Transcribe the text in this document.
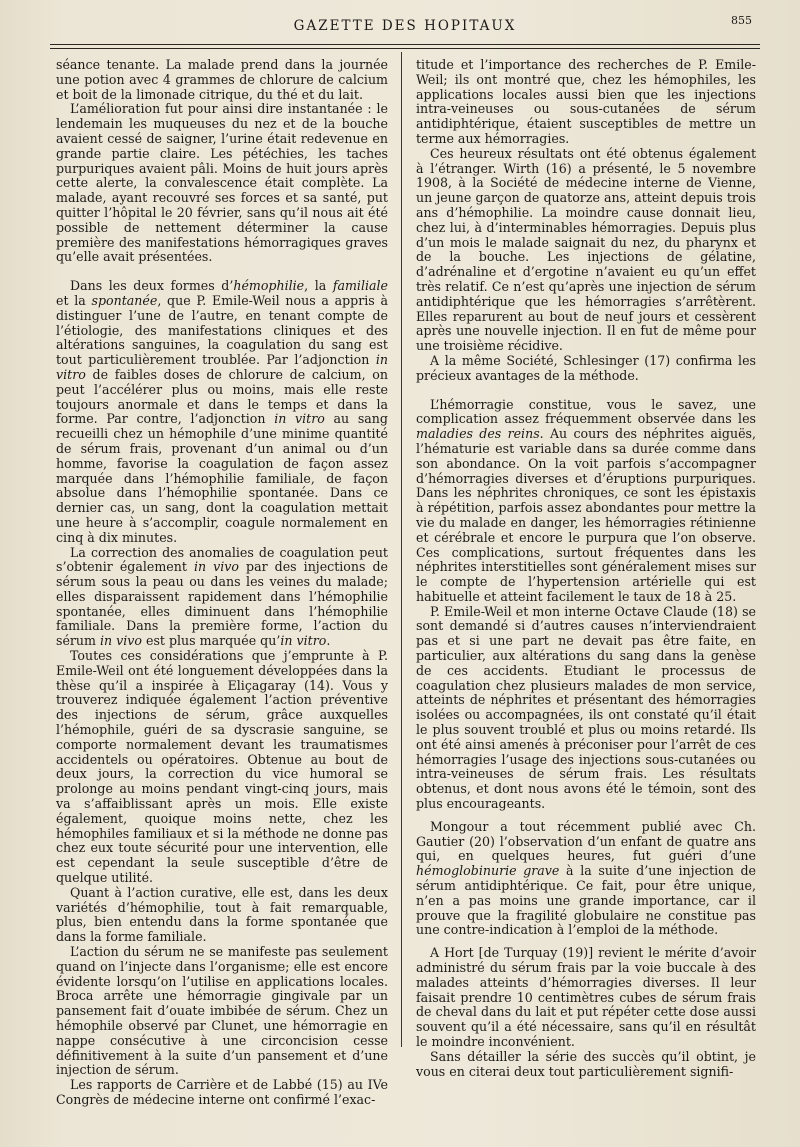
GAZETTE DES HOPITAUX	855

séance tenante. La malade prend dans la journée une potion avec 4 grammes de chlorure de calcium et boit de la limonade citrique, du thé et du lait.

L’amélioration fut pour ainsi dire instantanée : le lendemain les muqueuses du nez et de la bouche avaient cessé de saigner, l’urine était redevenue en grande partie claire. Les pétéchies, les taches purpuriques avaient pâli. Moins de huit jours après cette alerte, la convalescence était complète. La malade, ayant recouvré ses forces et sa santé, put quitter l’hôpital le 20 février, sans qu’il nous ait été possible de nettement déterminer la cause première des manifestations hémorragiques graves qu’elle avait présentées.

Dans les deux formes d’hémophilie, la familiale et la spontanée, que P. Emile-Weil nous a appris à distinguer l’une de l’autre, en tenant compte de l’étiologie, des manifestations cliniques et des altérations sanguines, la coagulation du sang est tout particulièrement troublée. Par l’adjonction in vitro de faibles doses de chlorure de calcium, on peut l’accélérer plus ou moins, mais elle reste toujours anormale et dans le temps et dans la forme. Par contre, l’adjonction in vitro au sang recueilli chez un hémophile d’une minime quantité de sérum frais, provenant d’un animal ou d’un homme, favorise la coagulation de façon assez marquée dans l’hémophilie familiale, de façon absolue dans l’hémophilie spontanée. Dans ce dernier cas, un sang, dont la coagulation mettait une heure à s’accomplir, coagule normalement en cinq à dix minutes.

La correction des anomalies de coagulation peut s’obtenir également in vivo par des injections de sérum sous la peau ou dans les veines du malade; elles disparaissent rapidement dans l’hémophilie spontanée, elles diminuent dans l’hémophilie familiale. Dans la première forme, l’action du sérum in vivo est plus marquée qu’in vitro.

Toutes ces considérations que j’emprunte à P. Emile-Weil ont été longuement développées dans la thèse qu’il a inspirée à Eliçagaray (14). Vous y trouverez indiquée également l’action préventive des injections de sérum, grâce auxquelles l’hémophile, guéri de sa dyscrasie sanguine, se comporte normalement devant les traumatismes accidentels ou opératoires. Obtenue au bout de deux jours, la correction du vice humoral se prolonge au moins pendant vingt-cinq jours, mais va s’affaiblissant après un mois. Elle existe également, quoique moins nette, chez les hémophiles familiaux et si la méthode ne donne pas chez eux toute sécurité pour une intervention, elle est cependant la seule susceptible d’être de quelque utilité.

Quant à l’action curative, elle est, dans les deux variétés d’hémophilie, tout à fait remarquable, plus, bien entendu dans la forme spontanée que dans la forme familiale.

L’action du sérum ne se manifeste pas seulement quand on l’injecte dans l’organisme; elle est encore évidente lorsqu’on l’utilise en applications locales. Broca arrête une hémorragie gingivale par un pansement fait d’ouate imbibée de sérum. Chez un hémophile observé par Clunet, une hémorragie en nappe consécutive à une circoncision cesse définitivement à la suite d’un pansement et d’une injection de sérum.

Les rapports de Carrière et de Labbé (15) au IVe Congrès de médecine interne ont confirmé l’exac-

titude et l’importance des recherches de P. Emile-Weil; ils ont montré que, chez les hémophiles, les applications locales aussi bien que les injections intra-veineuses ou sous-cutanées de sérum antidiphtérique, étaient susceptibles de mettre un terme aux hémorragies.

Ces heureux résultats ont été obtenus également à l’étranger. Wirth (16) a présenté, le 5 novembre 1908, à la Société de médecine interne de Vienne, un jeune garçon de quatorze ans, atteint depuis trois ans d’hémophilie. La moindre cause donnait lieu, chez lui, à d’interminables hémorragies. Depuis plus d’un mois le malade saignait du nez, du pharynx et de la bouche. Les injections de gélatine, d’adrénaline et d’ergotine n’avaient eu qu’un effet très relatif. Ce n’est qu’après une injection de sérum antidiphtérique que les hémorragies s’arrêtèrent. Elles reparurent au bout de neuf jours et cessèrent après une nouvelle injection. Il en fut de même pour une troisième récidive.

A la même Société, Schlesinger (17) confirma les précieux avantages de la méthode.

L’hémorragie constitue, vous le savez, une complication assez fréquemment observée dans les maladies des reins. Au cours des néphrites aiguës, l’hématurie est variable dans sa durée comme dans son abondance. On la voit parfois s’accompagner d’hémorragies diverses et d’éruptions purpuriques. Dans les néphrites chroniques, ce sont les épistaxis à répétition, parfois assez abondantes pour mettre la vie du malade en danger, les hémorragies rétinienne et cérébrale et encore le purpura que l’on observe. Ces complications, surtout fréquentes dans les néphrites interstitielles sont généralement mises sur le compte de l’hypertension artérielle qui est habituelle et atteint facilement le taux de 18 à 25.

P. Emile-Weil et mon interne Octave Claude (18) se sont demandé si d’autres causes n’interviendraient pas et si une part ne devait pas être faite, en particulier, aux altérations du sang dans la genèse de ces accidents. Etudiant le processus de coagulation chez plusieurs malades de mon service, atteints de néphrites et présentant des hémorragies isolées ou accompagnées, ils ont constaté qu’il était le plus souvent troublé et plus ou moins retardé. Ils ont été ainsi amenés à préconiser pour l’arrêt de ces hémorragies l’usage des injections sous-cutanées ou intra-veineuses de sérum frais. Les résultats obtenus, et dont nous avons été le témoin, sont des plus encourageants.

Mongour a tout récemment publié avec Ch. Gautier (20) l’observation d’un enfant de quatre ans qui, en quelques heures, fut guéri d’une hémoglobinurie grave à la suite d’une injection de sérum antidiphtérique. Ce fait, pour être unique, n’en a pas moins une grande importance, car il prouve que la fragilité globulaire ne constitue pas une contre-indication à l’emploi de la méthode.

A Hort [de Turquay (19)] revient le mérite d’avoir administré du sérum frais par la voie buccale à des malades atteints d’hémorragies diverses. Il leur faisait prendre 10 centimètres cubes de sérum frais de cheval dans du lait et put répéter cette dose aussi souvent qu’il a été nécessaire, sans qu’il en résultât le moindre inconvénient.

Sans détailler la série des succès qu’il obtint, je vous en citerai deux tout particulièrement signifi-
